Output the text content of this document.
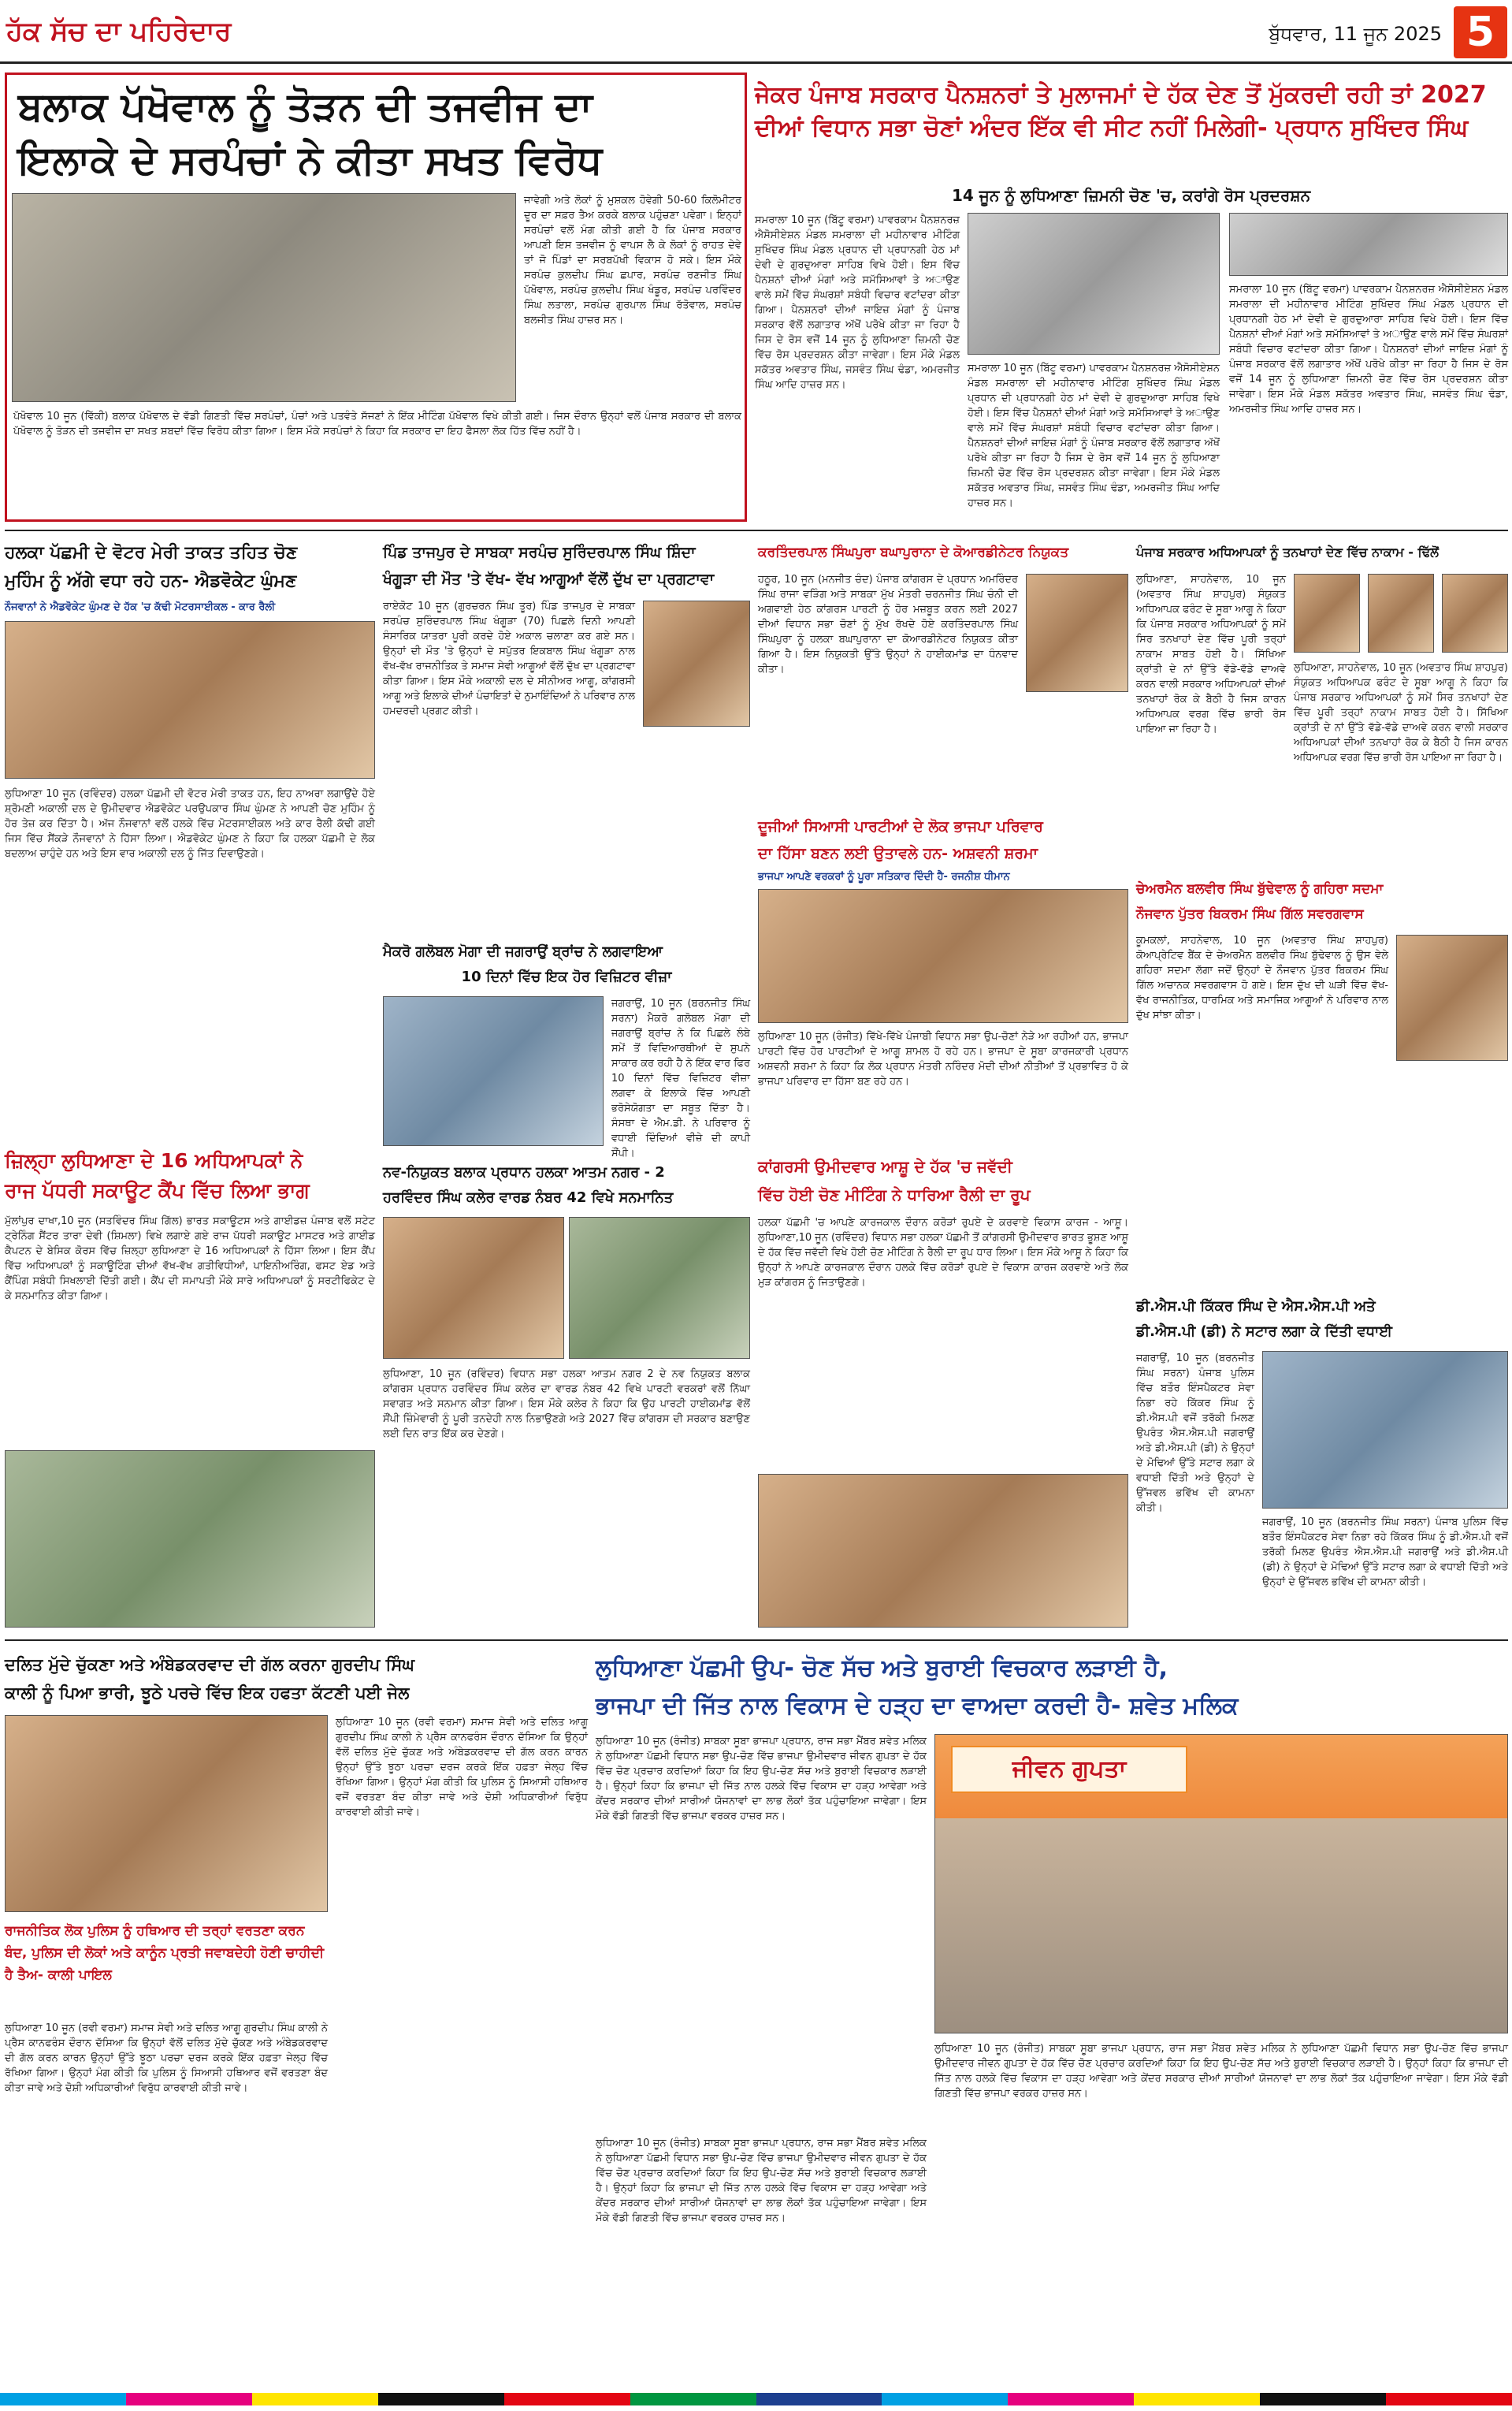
ਹੱਕ ਸੱਚ ਦਾ ਪਹਿਰੇਦਾਰ	ਬੁੱਧਵਾਰ, 11 ਜੂਨ 2025 5
ਬਲਾਕ ਪੱਖੋਵਾਲ ਨੂੰ ਤੋੜਨ ਦੀ ਤਜਵੀਜ ਦਾ
ਇਲਾਕੇ ਦੇ ਸਰਪੰਚਾਂ ਨੇ ਕੀਤਾ ਸਖਤ ਵਿਰੋਧ
ਜਾਵੇਗੀ ਅਤੇ ਲੋਕਾਂ ਨੂੰ ਮੁਸ਼ਕਲ ਹੋਵੇਗੀ 50-60 ਕਿਲੋਮੀਟਰ ਦੂਰ ਦਾ ਸਫ਼ਰ ਤੈਅ ਕਰਕੇ ਬਲਾਕ ਪਹੁੰਚਣਾ ਪਵੇਗਾ। ਇਨ੍ਹਾਂ ਸਰਪੰਚਾਂ ਵਲੋਂ ਮੰਗ ਕੀਤੀ ਗਈ ਹੈ ਕਿ ਪੰਜਾਬ ਸਰਕਾਰ ਆਪਣੀ ਇਸ ਤਜਵੀਜ ਨੂੰ ਵਾਪਸ ਲੈ ਕੇ ਲੋਕਾਂ ਨੂੰ ਰਾਹਤ ਦੇਵੇ ਤਾਂ ਜੋ ਪਿੰਡਾਂ ਦਾ ਸਰਬਪੱਖੀ ਵਿਕਾਸ ਹੋ ਸਕੇ। ਇਸ ਮੌਕੇ ਸਰਪੰਚ ਕੁਲਦੀਪ ਸਿੰਘ ਛਪਾਰ, ਸਰਪੰਚ ਰਣਜੀਤ ਸਿੰਘ ਪੱਖੋਵਾਲ, ਸਰਪੰਚ ਕੁਲਦੀਪ ਸਿੰਘ ਖੰਡੂਰ, ਸਰਪੰਚ ਪਰਵਿੰਦਰ ਸਿੰਘ ਲਤਾਲਾ, ਸਰਪੰਚ ਗੁਰਪਾਲ ਸਿੰਘ ਰੱਤੋਵਾਲ, ਸਰਪੰਚ ਬਲਜੀਤ ਸਿੰਘ ਹਾਜ਼ਰ ਸਨ।
ਪੱਖੋਵਾਲ 10 ਜੂਨ (ਵਿੱਕੀ) ਬਲਾਕ ਪੱਖੋਵਾਲ ਦੇ ਵੱਡੀ ਗਿਣਤੀ ਵਿੱਚ ਸਰਪੰਚਾਂ, ਪੰਚਾਂ ਅਤੇ ਪਤਵੰਤੇ ਸੱਜਣਾਂ ਨੇ ਇੱਕ ਮੀਟਿੰਗ ਪੱਖੋਵਾਲ ਵਿਖੇ ਕੀਤੀ ਗਈ। ਜਿਸ ਦੌਰਾਨ ਉਨ੍ਹਾਂ ਵਲੋਂ ਪੰਜਾਬ ਸਰਕਾਰ ਦੀ ਬਲਾਕ ਪੱਖੋਵਾਲ ਨੂੰ ਤੋੜਨ ਦੀ ਤਜਵੀਜ ਦਾ ਸਖਤ ਸ਼ਬਦਾਂ ਵਿੱਚ ਵਿਰੋਧ ਕੀਤਾ ਗਿਆ। ਇਸ ਮੌਕੇ ਸਰਪੰਚਾਂ ਨੇ ਕਿਹਾ ਕਿ ਸਰਕਾਰ ਦਾ ਇਹ ਫੈਸਲਾ ਲੋਕ ਹਿੱਤ ਵਿੱਚ ਨਹੀਂ ਹੈ।
ਜੇਕਰ ਪੰਜਾਬ ਸਰਕਾਰ ਪੈਨਸ਼ਨਰਾਂ ਤੇ ਮੁਲਾਜਮਾਂ ਦੇ ਹੱਕ ਦੇਣ ਤੋਂ ਮੁੱਕਰਦੀ ਰਹੀ ਤਾਂ 2027
ਦੀਆਂ ਵਿਧਾਨ ਸਭਾ ਚੋਣਾਂ ਅੰਦਰ ਇੱਕ ਵੀ ਸੀਟ ਨਹੀਂ ਮਿਲੇਗੀ- ਪ੍ਰਧਾਨ ਸੁਖਿੰਦਰ ਸਿੰਘ
14 ਜੂਨ ਨੂੰ ਲੁਧਿਆਣਾ ਜ਼ਿਮਨੀ ਚੋਣ 'ਚ, ਕਰਾਂਗੇ ਰੋਸ ਪ੍ਰਦਰਸ਼ਨ
ਸਮਰਾਲਾ 10 ਜੂਨ (ਬਿੱਟੂ ਵਰਮਾ) ਪਾਵਰਕਾਮ ਪੈਨਸ਼ਨਰਜ਼ ਐਸੋਸੀਏਸ਼ਨ ਮੰਡਲ ਸਮਰਾਲਾ ਦੀ ਮਹੀਨਾਵਾਰ ਮੀਟਿੰਗ ਸੁਖਿੰਦਰ ਸਿੰਘ ਮੰਡਲ ਪ੍ਰਧਾਨ ਦੀ ਪ੍ਰਧਾਨਗੀ ਹੇਠ ਮਾਂ ਦੇਵੀ ਦੇ ਗੁਰਦੁਆਰਾ ਸਾਹਿਬ ਵਿਖੇ ਹੋਈ। ਇਸ ਵਿੱਚ ਪੈਨਸ਼ਨਾਂ ਦੀਆਂ ਮੰਗਾਂ ਅਤੇ ਸਮੱਸਿਆਵਾਂ ਤੇ ਅਾਉਣ ਵਾਲੇ ਸਮੇਂ ਵਿੱਚ ਸੰਘਰਸ਼ਾਂ ਸਬੰਧੀ ਵਿਚਾਰ ਵਟਾਂਦਰਾ ਕੀਤਾ ਗਿਆ। ਪੈਨਸ਼ਨਰਾਂ ਦੀਆਂ ਜਾਇਜ਼ ਮੰਗਾਂ ਨੂੰ ਪੰਜਾਬ ਸਰਕਾਰ ਵੱਲੋਂ ਲਗਾਤਾਰ ਅੱਖੋਂ ਪਰੋਖੇ ਕੀਤਾ ਜਾ ਰਿਹਾ ਹੈ ਜਿਸ ਦੇ ਰੋਸ ਵਜੋਂ 14 ਜੂਨ ਨੂੰ ਲੁਧਿਆਣਾ ਜ਼ਿਮਨੀ ਚੋਣ ਵਿੱਚ ਰੋਸ ਪ੍ਰਦਰਸ਼ਨ ਕੀਤਾ ਜਾਵੇਗਾ। ਇਸ ਮੌਕੇ ਮੰਡਲ ਸਕੱਤਰ ਅਵਤਾਰ ਸਿੰਘ, ਜਸਵੰਤ ਸਿੰਘ ਢੰਡਾ, ਅਮਰਜੀਤ ਸਿੰਘ ਆਦਿ ਹਾਜ਼ਰ ਸਨ।
ਸਮਰਾਲਾ 10 ਜੂਨ (ਬਿੱਟੂ ਵਰਮਾ) ਪਾਵਰਕਾਮ ਪੈਨਸ਼ਨਰਜ਼ ਐਸੋਸੀਏਸ਼ਨ ਮੰਡਲ ਸਮਰਾਲਾ ਦੀ ਮਹੀਨਾਵਾਰ ਮੀਟਿੰਗ ਸੁਖਿੰਦਰ ਸਿੰਘ ਮੰਡਲ ਪ੍ਰਧਾਨ ਦੀ ਪ੍ਰਧਾਨਗੀ ਹੇਠ ਮਾਂ ਦੇਵੀ ਦੇ ਗੁਰਦੁਆਰਾ ਸਾਹਿਬ ਵਿਖੇ ਹੋਈ। ਇਸ ਵਿੱਚ ਪੈਨਸ਼ਨਾਂ ਦੀਆਂ ਮੰਗਾਂ ਅਤੇ ਸਮੱਸਿਆਵਾਂ ਤੇ ਅਾਉਣ ਵਾਲੇ ਸਮੇਂ ਵਿੱਚ ਸੰਘਰਸ਼ਾਂ ਸਬੰਧੀ ਵਿਚਾਰ ਵਟਾਂਦਰਾ ਕੀਤਾ ਗਿਆ। ਪੈਨਸ਼ਨਰਾਂ ਦੀਆਂ ਜਾਇਜ਼ ਮੰਗਾਂ ਨੂੰ ਪੰਜਾਬ ਸਰਕਾਰ ਵੱਲੋਂ ਲਗਾਤਾਰ ਅੱਖੋਂ ਪਰੋਖੇ ਕੀਤਾ ਜਾ ਰਿਹਾ ਹੈ ਜਿਸ ਦੇ ਰੋਸ ਵਜੋਂ 14 ਜੂਨ ਨੂੰ ਲੁਧਿਆਣਾ ਜ਼ਿਮਨੀ ਚੋਣ ਵਿੱਚ ਰੋਸ ਪ੍ਰਦਰਸ਼ਨ ਕੀਤਾ ਜਾਵੇਗਾ। ਇਸ ਮੌਕੇ ਮੰਡਲ ਸਕੱਤਰ ਅਵਤਾਰ ਸਿੰਘ, ਜਸਵੰਤ ਸਿੰਘ ਢੰਡਾ, ਅਮਰਜੀਤ ਸਿੰਘ ਆਦਿ ਹਾਜ਼ਰ ਸਨ।
ਸਮਰਾਲਾ 10 ਜੂਨ (ਬਿੱਟੂ ਵਰਮਾ) ਪਾਵਰਕਾਮ ਪੈਨਸ਼ਨਰਜ਼ ਐਸੋਸੀਏਸ਼ਨ ਮੰਡਲ ਸਮਰਾਲਾ ਦੀ ਮਹੀਨਾਵਾਰ ਮੀਟਿੰਗ ਸੁਖਿੰਦਰ ਸਿੰਘ ਮੰਡਲ ਪ੍ਰਧਾਨ ਦੀ ਪ੍ਰਧਾਨਗੀ ਹੇਠ ਮਾਂ ਦੇਵੀ ਦੇ ਗੁਰਦੁਆਰਾ ਸਾਹਿਬ ਵਿਖੇ ਹੋਈ। ਇਸ ਵਿੱਚ ਪੈਨਸ਼ਨਾਂ ਦੀਆਂ ਮੰਗਾਂ ਅਤੇ ਸਮੱਸਿਆਵਾਂ ਤੇ ਅਾਉਣ ਵਾਲੇ ਸਮੇਂ ਵਿੱਚ ਸੰਘਰਸ਼ਾਂ ਸਬੰਧੀ ਵਿਚਾਰ ਵਟਾਂਦਰਾ ਕੀਤਾ ਗਿਆ। ਪੈਨਸ਼ਨਰਾਂ ਦੀਆਂ ਜਾਇਜ਼ ਮੰਗਾਂ ਨੂੰ ਪੰਜਾਬ ਸਰਕਾਰ ਵੱਲੋਂ ਲਗਾਤਾਰ ਅੱਖੋਂ ਪਰੋਖੇ ਕੀਤਾ ਜਾ ਰਿਹਾ ਹੈ ਜਿਸ ਦੇ ਰੋਸ ਵਜੋਂ 14 ਜੂਨ ਨੂੰ ਲੁਧਿਆਣਾ ਜ਼ਿਮਨੀ ਚੋਣ ਵਿੱਚ ਰੋਸ ਪ੍ਰਦਰਸ਼ਨ ਕੀਤਾ ਜਾਵੇਗਾ। ਇਸ ਮੌਕੇ ਮੰਡਲ ਸਕੱਤਰ ਅਵਤਾਰ ਸਿੰਘ, ਜਸਵੰਤ ਸਿੰਘ ਢੰਡਾ, ਅਮਰਜੀਤ ਸਿੰਘ ਆਦਿ ਹਾਜ਼ਰ ਸਨ।
ਹਲਕਾ ਪੱਛਮੀ ਦੇ ਵੋਟਰ ਮੇਰੀ ਤਾਕਤ ਤਹਿਤ ਚੋਣ
ਮੁਹਿੰਮ ਨੂੰ ਅੱਗੇ ਵਧਾ ਰਹੇ ਹਨ- ਐਡਵੋਕੇਟ ਘੁੰਮਣ
ਨੌਜਵਾਨਾਂ ਨੇ ਐਡਵੋਕੇਟ ਘੁੰਮਣ ਦੇ ਹੱਕ 'ਚ ਕੱਢੀ ਮੋਟਰਸਾਈਕਲ - ਕਾਰ ਰੈਲੀ
ਲੁਧਿਆਣਾ 10 ਜੂਨ (ਰਵਿੰਦਰ) ਹਲਕਾ ਪੱਛਮੀ ਦੀ ਵੋਟਰ ਮੇਰੀ ਤਾਕਤ ਹਨ, ਇਹ ਨਾਅਰਾ ਲਗਾਉਂਦੇ ਹੋਏ ਸ਼੍ਰੋਮਣੀ ਅਕਾਲੀ ਦਲ ਦੇ ਉਮੀਦਵਾਰ ਐਡਵੋਕੇਟ ਪਰਉਪਕਾਰ ਸਿੰਘ ਘੁੰਮਣ ਨੇ ਆਪਣੀ ਚੋਣ ਮੁਹਿੰਮ ਨੂੰ ਹੋਰ ਤੇਜ਼ ਕਰ ਦਿੱਤਾ ਹੈ। ਅੱਜ ਨੌਜਵਾਨਾਂ ਵਲੋਂ ਹਲਕੇ ਵਿੱਚ ਮੋਟਰਸਾਈਕਲ ਅਤੇ ਕਾਰ ਰੈਲੀ ਕੱਢੀ ਗਈ ਜਿਸ ਵਿੱਚ ਸੈਂਕੜੇ ਨੌਜਵਾਨਾਂ ਨੇ ਹਿੱਸਾ ਲਿਆ। ਐਡਵੋਕੇਟ ਘੁੰਮਣ ਨੇ ਕਿਹਾ ਕਿ ਹਲਕਾ ਪੱਛਮੀ ਦੇ ਲੋਕ ਬਦਲਾਅ ਚਾਹੁੰਦੇ ਹਨ ਅਤੇ ਇਸ ਵਾਰ ਅਕਾਲੀ ਦਲ ਨੂੰ ਜਿੱਤ ਦਿਵਾਉਣਗੇ।
ਜ਼ਿਲ੍ਹਾ ਲੁਧਿਆਣਾ ਦੇ 16 ਅਧਿਆਪਕਾਂ ਨੇ
ਰਾਜ ਪੱਧਰੀ ਸਕਾਊਟ ਕੈਂਪ ਵਿੱਚ ਲਿਆ ਭਾਗ
ਮੁੱਲਾਂਪੁਰ ਦਾਖਾ,10 ਜੂਨ (ਸਤਵਿੰਦਰ ਸਿੰਘ ਗਿੱਲ) ਭਾਰਤ ਸਕਾਊਟਸ ਅਤੇ ਗਾਈਡਜ਼ ਪੰਜਾਬ ਵਲੋਂ ਸਟੇਟ ਟ੍ਰੇਨਿੰਗ ਸੈਂਟਰ ਤਾਰਾ ਦੇਵੀ (ਸ਼ਿਮਲਾ) ਵਿਖੇ ਲਗਾਏ ਗਏ ਰਾਜ ਪੱਧਰੀ ਸਕਾਊਟ ਮਾਸਟਰ ਅਤੇ ਗਾਈਡ ਕੈਪਟਨ ਦੇ ਬੇਸਿਕ ਕੋਰਸ ਵਿੱਚ ਜ਼ਿਲ੍ਹਾ ਲੁਧਿਆਣਾ ਦੇ 16 ਅਧਿਆਪਕਾਂ ਨੇ ਹਿੱਸਾ ਲਿਆ। ਇਸ ਕੈਂਪ ਵਿੱਚ ਅਧਿਆਪਕਾਂ ਨੂੰ ਸਕਾਊਟਿੰਗ ਦੀਆਂ ਵੱਖ-ਵੱਖ ਗਤੀਵਿਧੀਆਂ, ਪਾਇਨੀਅਰਿੰਗ, ਫਸਟ ਏਡ ਅਤੇ ਕੈਂਪਿੰਗ ਸਬੰਧੀ ਸਿਖਲਾਈ ਦਿੱਤੀ ਗਈ। ਕੈਂਪ ਦੀ ਸਮਾਪਤੀ ਮੌਕੇ ਸਾਰੇ ਅਧਿਆਪਕਾਂ ਨੂੰ ਸਰਟੀਫਿਕੇਟ ਦੇ ਕੇ ਸਨਮਾਨਿਤ ਕੀਤਾ ਗਿਆ।
ਪਿੰਡ ਤਾਜਪੁਰ ਦੇ ਸਾਬਕਾ ਸਰਪੰਚ ਸੁਰਿੰਦਰਪਾਲ ਸਿੰਘ ਸ਼ਿੰਦਾ
ਖੰਗੂੜਾ ਦੀ ਮੌਤ 'ਤੇ ਵੱਖ- ਵੱਖ ਆਗੂਆਂ ਵੱਲੋਂ ਦੁੱਖ ਦਾ ਪ੍ਰਗਟਾਵਾ
ਰਾਏਕੋਟ 10 ਜੂਨ (ਗੁਰਚਰਨ ਸਿੰਘ ਤੂਰ) ਪਿੰਡ ਤਾਜਪੁਰ ਦੇ ਸਾਬਕਾ ਸਰਪੰਚ ਸੁਰਿੰਦਰਪਾਲ ਸਿੰਘ ਖੰਗੂੜਾ (70) ਪਿਛਲੇ ਦਿਨੀ ਆਪਣੀ ਸੰਸਾਰਿਕ ਯਾਤਰਾ ਪੂਰੀ ਕਰਦੇ ਹੋਏ ਅਕਾਲ ਚਲਾਣਾ ਕਰ ਗਏ ਸਨ। ਉਨ੍ਹਾਂ ਦੀ ਮੌਤ 'ਤੇ ਉਨ੍ਹਾਂ ਦੇ ਸਪੁੱਤਰ ਇਕਬਾਲ ਸਿੰਘ ਖੰਗੂੜਾ ਨਾਲ ਵੱਖ-ਵੱਖ ਰਾਜਨੀਤਿਕ ਤੇ ਸਮਾਜ ਸੇਵੀ ਆਗੂਆਂ ਵੱਲੋਂ ਦੁੱਖ ਦਾ ਪ੍ਰਗਟਾਵਾ ਕੀਤਾ ਗਿਆ। ਇਸ ਮੌਕੇ ਅਕਾਲੀ ਦਲ ਦੇ ਸੀਨੀਅਰ ਆਗੂ, ਕਾਂਗਰਸੀ ਆਗੂ ਅਤੇ ਇਲਾਕੇ ਦੀਆਂ ਪੰਚਾਇਤਾਂ ਦੇ ਨੁਮਾਇੰਦਿਆਂ ਨੇ ਪਰਿਵਾਰ ਨਾਲ ਹਮਦਰਦੀ ਪ੍ਰਗਟ ਕੀਤੀ।
ਮੈਕਰੋ ਗਲੋਬਲ ਮੋਗਾ ਦੀ ਜਗਰਾਉਂ ਬ੍ਰਾਂਚ ਨੇ ਲਗਵਾਇਆ
10 ਦਿਨਾਂ ਵਿੱਚ ਇਕ ਹੋਰ ਵਿਜ਼ਿਟਰ ਵੀਜ਼ਾ
ਜਗਰਾਉਂ, 10 ਜੂਨ (ਬਰਨਜੀਤ ਸਿੰਘ ਸਰਨਾ) ਮੈਕਰੋ ਗਲੋਬਲ ਮੋਗਾ ਦੀ ਜਗਰਾਉਂ ਬ੍ਰਾਂਚ ਨੇ ਕਿ ਪਿਛਲੇ ਲੰਬੇ ਸਮੇਂ ਤੋਂ ਵਿਦਿਆਰਥੀਆਂ ਦੇ ਸੁਪਨੇ ਸਾਕਾਰ ਕਰ ਰਹੀ ਹੈ ਨੇ ਇੱਕ ਵਾਰ ਫਿਰ 10 ਦਿਨਾਂ ਵਿੱਚ ਵਿਜ਼ਿਟਰ ਵੀਜ਼ਾ ਲਗਵਾ ਕੇ ਇਲਾਕੇ ਵਿੱਚ ਆਪਣੀ ਭਰੋਸੇਯੋਗਤਾ ਦਾ ਸਬੂਤ ਦਿੱਤਾ ਹੈ। ਸੰਸਥਾ ਦੇ ਐਮ.ਡੀ. ਨੇ ਪਰਿਵਾਰ ਨੂੰ ਵਧਾਈ ਦਿੰਦਿਆਂ ਵੀਜ਼ੇ ਦੀ ਕਾਪੀ ਸੌਂਪੀ।
ਨਵ-ਨਿਯੁਕਤ ਬਲਾਕ ਪ੍ਰਧਾਨ ਹਲਕਾ ਆਤਮ ਨਗਰ - 2
ਹਰਵਿੰਦਰ ਸਿੰਘ ਕਲੇਰ ਵਾਰਡ ਨੰਬਰ 42 ਵਿਖੇ ਸਨਮਾਨਿਤ
ਲੁਧਿਆਣਾ, 10 ਜੂਨ (ਰਵਿੰਦਰ) ਵਿਧਾਨ ਸਭਾ ਹਲਕਾ ਆਤਮ ਨਗਰ 2 ਦੇ ਨਵ ਨਿਯੁਕਤ ਬਲਾਕ ਕਾਂਗਰਸ ਪ੍ਰਧਾਨ ਹਰਵਿੰਦਰ ਸਿੰਘ ਕਲੇਰ ਦਾ ਵਾਰਡ ਨੰਬਰ 42 ਵਿਖੇ ਪਾਰਟੀ ਵਰਕਰਾਂ ਵਲੋਂ ਨਿੱਘਾ ਸਵਾਗਤ ਅਤੇ ਸਨਮਾਨ ਕੀਤਾ ਗਿਆ। ਇਸ ਮੌਕੇ ਕਲੇਰ ਨੇ ਕਿਹਾ ਕਿ ਉਹ ਪਾਰਟੀ ਹਾਈਕਮਾਂਡ ਵੱਲੋਂ ਸੌਂਪੀ ਜ਼ਿੰਮੇਵਾਰੀ ਨੂੰ ਪੂਰੀ ਤਨਦੇਹੀ ਨਾਲ ਨਿਭਾਉਣਗੇ ਅਤੇ 2027 ਵਿੱਚ ਕਾਂਗਰਸ ਦੀ ਸਰਕਾਰ ਬਣਾਉਣ ਲਈ ਦਿਨ ਰਾਤ ਇੱਕ ਕਰ ਦੇਣਗੇ।
ਕਰਤਿੰਦਰਪਾਲ ਸਿੰਘਪੁਰਾ ਬਘਾਪੁਰਾਨਾ ਦੇ ਕੋਆਰਡੀਨੇਟਰ ਨਿਯੁਕਤ
ਹਠੂਰ, 10 ਜੂਨ (ਮਨਜੀਤ ਚੰਦ) ਪੰਜਾਬ ਕਾਂਗਰਸ ਦੇ ਪ੍ਰਧਾਨ ਅਮਰਿੰਦਰ ਸਿੰਘ ਰਾਜਾ ਵੜਿੰਗ ਅਤੇ ਸਾਬਕਾ ਮੁੱਖ ਮੰਤਰੀ ਚਰਨਜੀਤ ਸਿੰਘ ਚੰਨੀ ਦੀ ਅਗਵਾਈ ਹੇਠ ਕਾਂਗਰਸ ਪਾਰਟੀ ਨੂੰ ਹੋਰ ਮਜ਼ਬੂਤ ਕਰਨ ਲਈ 2027 ਦੀਆਂ ਵਿਧਾਨ ਸਭਾ ਚੋਣਾਂ ਨੂੰ ਮੁੱਖ ਰੱਖਦੇ ਹੋਏ ਕਰਤਿੰਦਰਪਾਲ ਸਿੰਘ ਸਿੰਘਪੁਰਾ ਨੂੰ ਹਲਕਾ ਬਘਾਪੁਰਾਨਾ ਦਾ ਕੋਆਰਡੀਨੇਟਰ ਨਿਯੁਕਤ ਕੀਤਾ ਗਿਆ ਹੈ। ਇਸ ਨਿਯੁਕਤੀ ਉੱਤੇ ਉਨ੍ਹਾਂ ਨੇ ਹਾਈਕਮਾਂਡ ਦਾ ਧੰਨਵਾਦ ਕੀਤਾ।
ਦੂਜੀਆਂ ਸਿਆਸੀ ਪਾਰਟੀਆਂ ਦੇ ਲੋਕ ਭਾਜਪਾ ਪਰਿਵਾਰ
ਦਾ ਹਿੱਸਾ ਬਣਨ ਲਈ ਉਤਾਵਲੇ ਹਨ- ਅਸ਼ਵਨੀ ਸ਼ਰਮਾ
ਭਾਜਪਾ ਆਪਣੇ ਵਰਕਰਾਂ ਨੂੰ ਪੂਰਾ ਸਤਿਕਾਰ ਦਿੰਦੀ ਹੈ- ਰਜਨੀਸ਼ ਧੀਮਾਨ
ਲੁਧਿਆਣਾ 10 ਜੂਨ (ਰੰਜੀਤ) ਵਿੱਖੇ-ਵਿੱਖੇ ਪੰਜਾਬੀ ਵਿਧਾਨ ਸਭਾ ਉਪ-ਚੋਣਾਂ ਨੇੜੇ ਆ ਰਹੀਆਂ ਹਨ, ਭਾਜਪਾ ਪਾਰਟੀ ਵਿੱਚ ਹੋਰ ਪਾਰਟੀਆਂ ਦੇ ਆਗੂ ਸ਼ਾਮਲ ਹੋ ਰਹੇ ਹਨ। ਭਾਜਪਾ ਦੇ ਸੂਬਾ ਕਾਰਜਕਾਰੀ ਪ੍ਰਧਾਨ ਅਸ਼ਵਨੀ ਸ਼ਰਮਾ ਨੇ ਕਿਹਾ ਕਿ ਲੋਕ ਪ੍ਰਧਾਨ ਮੰਤਰੀ ਨਰਿੰਦਰ ਮੋਦੀ ਦੀਆਂ ਨੀਤੀਆਂ ਤੋਂ ਪ੍ਰਭਾਵਿਤ ਹੋ ਕੇ ਭਾਜਪਾ ਪਰਿਵਾਰ ਦਾ ਹਿੱਸਾ ਬਣ ਰਹੇ ਹਨ।
ਕਾਂਗਰਸੀ ਉਮੀਦਵਾਰ ਆਸ਼ੂ ਦੇ ਹੱਕ 'ਚ ਜਵੱਦੀ
ਵਿੱਚ ਹੋਈ ਚੋਣ ਮੀਟਿੰਗ ਨੇ ਧਾਰਿਆ ਰੈਲੀ ਦਾ ਰੂਪ
ਹਲਕਾ ਪੱਛਮੀ 'ਚ ਆਪਣੇ ਕਾਰਜਕਾਲ ਦੌਰਾਨ ਕਰੋੜਾਂ ਰੁਪਏ ਦੇ ਕਰਵਾਏ ਵਿਕਾਸ ਕਾਰਜ - ਆਸ਼ੂ। ਲੁਧਿਆਣਾ,10 ਜੂਨ (ਰਵਿੰਦਰ) ਵਿਧਾਨ ਸਭਾ ਹਲਕਾ ਪੱਛਮੀ ਤੋਂ ਕਾਂਗਰਸੀ ਉਮੀਦਵਾਰ ਭਾਰਤ ਭੂਸ਼ਣ ਆਸ਼ੂ ਦੇ ਹੱਕ ਵਿੱਚ ਜਵੱਦੀ ਵਿਖੇ ਹੋਈ ਚੋਣ ਮੀਟਿੰਗ ਨੇ ਰੈਲੀ ਦਾ ਰੂਪ ਧਾਰ ਲਿਆ। ਇਸ ਮੌਕੇ ਆਸ਼ੂ ਨੇ ਕਿਹਾ ਕਿ ਉਨ੍ਹਾਂ ਨੇ ਆਪਣੇ ਕਾਰਜਕਾਲ ਦੌਰਾਨ ਹਲਕੇ ਵਿੱਚ ਕਰੋੜਾਂ ਰੁਪਏ ਦੇ ਵਿਕਾਸ ਕਾਰਜ ਕਰਵਾਏ ਅਤੇ ਲੋਕ ਮੁੜ ਕਾਂਗਰਸ ਨੂੰ ਜਿਤਾਉਣਗੇ।
ਪੰਜਾਬ ਸਰਕਾਰ ਅਧਿਆਪਕਾਂ ਨੂੰ ਤਨਖਾਹਾਂ ਦੇਣ ਵਿੱਚ ਨਾਕਾਮ - ਢਿੱਲੋਂ
ਲੁਧਿਆਣਾ, ਸਾਹਨੇਵਾਲ, 10 ਜੂਨ (ਅਵਤਾਰ ਸਿੰਘ ਸ਼ਾਹਪੁਰ) ਸੰਯੁਕਤ ਅਧਿਆਪਕ ਫਰੰਟ ਦੇ ਸੂਬਾ ਆਗੂ ਨੇ ਕਿਹਾ ਕਿ ਪੰਜਾਬ ਸਰਕਾਰ ਅਧਿਆਪਕਾਂ ਨੂੰ ਸਮੇਂ ਸਿਰ ਤਨਖਾਹਾਂ ਦੇਣ ਵਿੱਚ ਪੂਰੀ ਤਰ੍ਹਾਂ ਨਾਕਾਮ ਸਾਬਤ ਹੋਈ ਹੈ। ਸਿੱਖਿਆ ਕ੍ਰਾਂਤੀ ਦੇ ਨਾਂ ਉੱਤੇ ਵੱਡੇ-ਵੱਡੇ ਦਾਅਵੇ ਕਰਨ ਵਾਲੀ ਸਰਕਾਰ ਅਧਿਆਪਕਾਂ ਦੀਆਂ ਤਨਖਾਹਾਂ ਰੋਕ ਕੇ ਬੈਠੀ ਹੈ ਜਿਸ ਕਾਰਨ ਅਧਿਆਪਕ ਵਰਗ ਵਿੱਚ ਭਾਰੀ ਰੋਸ ਪਾਇਆ ਜਾ ਰਿਹਾ ਹੈ।
ਲੁਧਿਆਣਾ, ਸਾਹਨੇਵਾਲ, 10 ਜੂਨ (ਅਵਤਾਰ ਸਿੰਘ ਸ਼ਾਹਪੁਰ) ਸੰਯੁਕਤ ਅਧਿਆਪਕ ਫਰੰਟ ਦੇ ਸੂਬਾ ਆਗੂ ਨੇ ਕਿਹਾ ਕਿ ਪੰਜਾਬ ਸਰਕਾਰ ਅਧਿਆਪਕਾਂ ਨੂੰ ਸਮੇਂ ਸਿਰ ਤਨਖਾਹਾਂ ਦੇਣ ਵਿੱਚ ਪੂਰੀ ਤਰ੍ਹਾਂ ਨਾਕਾਮ ਸਾਬਤ ਹੋਈ ਹੈ। ਸਿੱਖਿਆ ਕ੍ਰਾਂਤੀ ਦੇ ਨਾਂ ਉੱਤੇ ਵੱਡੇ-ਵੱਡੇ ਦਾਅਵੇ ਕਰਨ ਵਾਲੀ ਸਰਕਾਰ ਅਧਿਆਪਕਾਂ ਦੀਆਂ ਤਨਖਾਹਾਂ ਰੋਕ ਕੇ ਬੈਠੀ ਹੈ ਜਿਸ ਕਾਰਨ ਅਧਿਆਪਕ ਵਰਗ ਵਿੱਚ ਭਾਰੀ ਰੋਸ ਪਾਇਆ ਜਾ ਰਿਹਾ ਹੈ।
ਚੇਅਰਮੈਨ ਬਲਵੀਰ ਸਿੰਘ ਬੁੱਢੇਵਾਲ ਨੂੰ ਗਹਿਰਾ ਸਦਮਾ
ਨੌਜਵਾਨ ਪੁੱਤਰ ਬਿਕਰਮ ਸਿੰਘ ਗਿੱਲ ਸਵਰਗਵਾਸ
ਕੂਮਕਲਾਂ, ਸਾਹਨੇਵਾਲ, 10 ਜੂਨ (ਅਵਤਾਰ ਸਿੰਘ ਸ਼ਾਹਪੁਰ) ਕੋਆਪ੍ਰੇਟਿਵ ਬੈਂਕ ਦੇ ਚੇਅਰਮੈਨ ਬਲਵੀਰ ਸਿੰਘ ਬੁੱਢੇਵਾਲ ਨੂੰ ਉਸ ਵੇਲੇ ਗਹਿਰਾ ਸਦਮਾ ਲੱਗਾ ਜਦੋਂ ਉਨ੍ਹਾਂ ਦੇ ਨੌਜਵਾਨ ਪੁੱਤਰ ਬਿਕਰਮ ਸਿੰਘ ਗਿੱਲ ਅਚਾਨਕ ਸਵਰਗਵਾਸ ਹੋ ਗਏ। ਇਸ ਦੁੱਖ ਦੀ ਘੜੀ ਵਿੱਚ ਵੱਖ-ਵੱਖ ਰਾਜਨੀਤਿਕ, ਧਾਰਮਿਕ ਅਤੇ ਸਮਾਜਿਕ ਆਗੂਆਂ ਨੇ ਪਰਿਵਾਰ ਨਾਲ ਦੁੱਖ ਸਾਂਝਾ ਕੀਤਾ।
ਡੀ.ਐਸ.ਪੀ ਕਿੱਕਰ ਸਿੰਘ ਦੇ ਐਸ.ਐਸ.ਪੀ ਅਤੇ
ਡੀ.ਐਸ.ਪੀ (ਡੀ) ਨੇ ਸਟਾਰ ਲਗਾ ਕੇ ਦਿੱਤੀ ਵਧਾਈ
ਜਗਰਾਉਂ, 10 ਜੂਨ (ਬਰਨਜੀਤ ਸਿੰਘ ਸਰਨਾ) ਪੰਜਾਬ ਪੁਲਿਸ ਵਿੱਚ ਬਤੌਰ ਇੰਸਪੈਕਟਰ ਸੇਵਾ ਨਿਭਾ ਰਹੇ ਕਿੱਕਰ ਸਿੰਘ ਨੂੰ ਡੀ.ਐਸ.ਪੀ ਵਜੋਂ ਤਰੱਕੀ ਮਿਲਣ ਉਪਰੰਤ ਐਸ.ਐਸ.ਪੀ ਜਗਰਾਉਂ ਅਤੇ ਡੀ.ਐਸ.ਪੀ (ਡੀ) ਨੇ ਉਨ੍ਹਾਂ ਦੇ ਮੋਢਿਆਂ ਉੱਤੇ ਸਟਾਰ ਲਗਾ ਕੇ ਵਧਾਈ ਦਿੱਤੀ ਅਤੇ ਉਨ੍ਹਾਂ ਦੇ ਉੱਜਵਲ ਭਵਿੱਖ ਦੀ ਕਾਮਨਾ ਕੀਤੀ।
ਜਗਰਾਉਂ, 10 ਜੂਨ (ਬਰਨਜੀਤ ਸਿੰਘ ਸਰਨਾ) ਪੰਜਾਬ ਪੁਲਿਸ ਵਿੱਚ ਬਤੌਰ ਇੰਸਪੈਕਟਰ ਸੇਵਾ ਨਿਭਾ ਰਹੇ ਕਿੱਕਰ ਸਿੰਘ ਨੂੰ ਡੀ.ਐਸ.ਪੀ ਵਜੋਂ ਤਰੱਕੀ ਮਿਲਣ ਉਪਰੰਤ ਐਸ.ਐਸ.ਪੀ ਜਗਰਾਉਂ ਅਤੇ ਡੀ.ਐਸ.ਪੀ (ਡੀ) ਨੇ ਉਨ੍ਹਾਂ ਦੇ ਮੋਢਿਆਂ ਉੱਤੇ ਸਟਾਰ ਲਗਾ ਕੇ ਵਧਾਈ ਦਿੱਤੀ ਅਤੇ ਉਨ੍ਹਾਂ ਦੇ ਉੱਜਵਲ ਭਵਿੱਖ ਦੀ ਕਾਮਨਾ ਕੀਤੀ।
ਦਲਿਤ ਮੁੱਦੇ ਚੁੱਕਣਾ ਅਤੇ ਅੰਬੇਡਕਰਵਾਦ ਦੀ ਗੱਲ ਕਰਨਾ ਗੁਰਦੀਪ ਸਿੰਘ
ਕਾਲੀ ਨੂੰ ਪਿਆ ਭਾਰੀ, ਝੂਠੇ ਪਰਚੇ ਵਿੱਚ ਇਕ ਹਫਤਾ ਕੱਟਣੀ ਪਈ ਜੇਲ
ਰਾਜਨੀਤਿਕ ਲੋਕ ਪੁਲਿਸ ਨੂੰ ਹਥਿਆਰ ਦੀ ਤਰ੍ਹਾਂ ਵਰਤਣਾ ਕਰਨ ਬੰਦ, ਪੁਲਿਸ ਦੀ ਲੋਕਾਂ ਅਤੇ ਕਾਨੂੰਨ ਪ੍ਰਤੀ ਜਵਾਬਦੇਹੀ ਹੋਣੀ ਚਾਹੀਦੀ ਹੈ ਤੈਅ- ਕਾਲੀ ਪਾਇਲ
ਲੁਧਿਆਣਾ 10 ਜੂਨ (ਰਵੀ ਵਰਮਾ) ਸਮਾਜ ਸੇਵੀ ਅਤੇ ਦਲਿਤ ਆਗੂ ਗੁਰਦੀਪ ਸਿੰਘ ਕਾਲੀ ਨੇ ਪ੍ਰੈਸ ਕਾਨਫਰੰਸ ਦੌਰਾਨ ਦੱਸਿਆ ਕਿ ਉਨ੍ਹਾਂ ਵੱਲੋਂ ਦਲਿਤ ਮੁੱਦੇ ਚੁੱਕਣ ਅਤੇ ਅੰਬੇਡਕਰਵਾਦ ਦੀ ਗੱਲ ਕਰਨ ਕਾਰਨ ਉਨ੍ਹਾਂ ਉੱਤੇ ਝੂਠਾ ਪਰਚਾ ਦਰਜ ਕਰਕੇ ਇੱਕ ਹਫ਼ਤਾ ਜੇਲ੍ਹ ਵਿੱਚ ਰੱਖਿਆ ਗਿਆ। ਉਨ੍ਹਾਂ ਮੰਗ ਕੀਤੀ ਕਿ ਪੁਲਿਸ ਨੂੰ ਸਿਆਸੀ ਹਥਿਆਰ ਵਜੋਂ ਵਰਤਣਾ ਬੰਦ ਕੀਤਾ ਜਾਵੇ ਅਤੇ ਦੋਸ਼ੀ ਅਧਿਕਾਰੀਆਂ ਵਿਰੁੱਧ ਕਾਰਵਾਈ ਕੀਤੀ ਜਾਵੇ।
ਲੁਧਿਆਣਾ 10 ਜੂਨ (ਰਵੀ ਵਰਮਾ) ਸਮਾਜ ਸੇਵੀ ਅਤੇ ਦਲਿਤ ਆਗੂ ਗੁਰਦੀਪ ਸਿੰਘ ਕਾਲੀ ਨੇ ਪ੍ਰੈਸ ਕਾਨਫਰੰਸ ਦੌਰਾਨ ਦੱਸਿਆ ਕਿ ਉਨ੍ਹਾਂ ਵੱਲੋਂ ਦਲਿਤ ਮੁੱਦੇ ਚੁੱਕਣ ਅਤੇ ਅੰਬੇਡਕਰਵਾਦ ਦੀ ਗੱਲ ਕਰਨ ਕਾਰਨ ਉਨ੍ਹਾਂ ਉੱਤੇ ਝੂਠਾ ਪਰਚਾ ਦਰਜ ਕਰਕੇ ਇੱਕ ਹਫ਼ਤਾ ਜੇਲ੍ਹ ਵਿੱਚ ਰੱਖਿਆ ਗਿਆ। ਉਨ੍ਹਾਂ ਮੰਗ ਕੀਤੀ ਕਿ ਪੁਲਿਸ ਨੂੰ ਸਿਆਸੀ ਹਥਿਆਰ ਵਜੋਂ ਵਰਤਣਾ ਬੰਦ ਕੀਤਾ ਜਾਵੇ ਅਤੇ ਦੋਸ਼ੀ ਅਧਿਕਾਰੀਆਂ ਵਿਰੁੱਧ ਕਾਰਵਾਈ ਕੀਤੀ ਜਾਵੇ।
ਲੁਧਿਆਣਾ ਪੱਛਮੀ ਉਪ- ਚੋਣ ਸੱਚ ਅਤੇ ਬੁਰਾਈ ਵਿਚਕਾਰ ਲੜਾਈ ਹੈ,
ਭਾਜਪਾ ਦੀ ਜਿੱਤ ਨਾਲ ਵਿਕਾਸ ਦੇ ਹੜ੍ਹ ਦਾ ਵਾਅਦਾ ਕਰਦੀ ਹੈ- ਸ਼ਵੇਤ ਮਲਿਕ
ਲੁਧਿਆਣਾ 10 ਜੂਨ (ਰੰਜੀਤ) ਸਾਬਕਾ ਸੂਬਾ ਭਾਜਪਾ ਪ੍ਰਧਾਨ, ਰਾਜ ਸਭਾ ਮੈਂਬਰ ਸ਼ਵੇਤ ਮਲਿਕ ਨੇ ਲੁਧਿਆਣਾ ਪੱਛਮੀ ਵਿਧਾਨ ਸਭਾ ਉਪ-ਚੋਣ ਵਿੱਚ ਭਾਜਪਾ ਉਮੀਦਵਾਰ ਜੀਵਨ ਗੁਪਤਾ ਦੇ ਹੱਕ ਵਿੱਚ ਚੋਣ ਪ੍ਰਚਾਰ ਕਰਦਿਆਂ ਕਿਹਾ ਕਿ ਇਹ ਉਪ-ਚੋਣ ਸੱਚ ਅਤੇ ਬੁਰਾਈ ਵਿਚਕਾਰ ਲੜਾਈ ਹੈ। ਉਨ੍ਹਾਂ ਕਿਹਾ ਕਿ ਭਾਜਪਾ ਦੀ ਜਿੱਤ ਨਾਲ ਹਲਕੇ ਵਿੱਚ ਵਿਕਾਸ ਦਾ ਹੜ੍ਹ ਆਵੇਗਾ ਅਤੇ ਕੇਂਦਰ ਸਰਕਾਰ ਦੀਆਂ ਸਾਰੀਆਂ ਯੋਜਨਾਵਾਂ ਦਾ ਲਾਭ ਲੋਕਾਂ ਤੱਕ ਪਹੁੰਚਾਇਆ ਜਾਵੇਗਾ। ਇਸ ਮੌਕੇ ਵੱਡੀ ਗਿਣਤੀ ਵਿੱਚ ਭਾਜਪਾ ਵਰਕਰ ਹਾਜ਼ਰ ਸਨ।
ਜੀਵਨ ਗੁਪਤਾ
ਲੁਧਿਆਣਾ 10 ਜੂਨ (ਰੰਜੀਤ) ਸਾਬਕਾ ਸੂਬਾ ਭਾਜਪਾ ਪ੍ਰਧਾਨ, ਰਾਜ ਸਭਾ ਮੈਂਬਰ ਸ਼ਵੇਤ ਮਲਿਕ ਨੇ ਲੁਧਿਆਣਾ ਪੱਛਮੀ ਵਿਧਾਨ ਸਭਾ ਉਪ-ਚੋਣ ਵਿੱਚ ਭਾਜਪਾ ਉਮੀਦਵਾਰ ਜੀਵਨ ਗੁਪਤਾ ਦੇ ਹੱਕ ਵਿੱਚ ਚੋਣ ਪ੍ਰਚਾਰ ਕਰਦਿਆਂ ਕਿਹਾ ਕਿ ਇਹ ਉਪ-ਚੋਣ ਸੱਚ ਅਤੇ ਬੁਰਾਈ ਵਿਚਕਾਰ ਲੜਾਈ ਹੈ। ਉਨ੍ਹਾਂ ਕਿਹਾ ਕਿ ਭਾਜਪਾ ਦੀ ਜਿੱਤ ਨਾਲ ਹਲਕੇ ਵਿੱਚ ਵਿਕਾਸ ਦਾ ਹੜ੍ਹ ਆਵੇਗਾ ਅਤੇ ਕੇਂਦਰ ਸਰਕਾਰ ਦੀਆਂ ਸਾਰੀਆਂ ਯੋਜਨਾਵਾਂ ਦਾ ਲਾਭ ਲੋਕਾਂ ਤੱਕ ਪਹੁੰਚਾਇਆ ਜਾਵੇਗਾ। ਇਸ ਮੌਕੇ ਵੱਡੀ ਗਿਣਤੀ ਵਿੱਚ ਭਾਜਪਾ ਵਰਕਰ ਹਾਜ਼ਰ ਸਨ।
ਲੁਧਿਆਣਾ 10 ਜੂਨ (ਰੰਜੀਤ) ਸਾਬਕਾ ਸੂਬਾ ਭਾਜਪਾ ਪ੍ਰਧਾਨ, ਰਾਜ ਸਭਾ ਮੈਂਬਰ ਸ਼ਵੇਤ ਮਲਿਕ ਨੇ ਲੁਧਿਆਣਾ ਪੱਛਮੀ ਵਿਧਾਨ ਸਭਾ ਉਪ-ਚੋਣ ਵਿੱਚ ਭਾਜਪਾ ਉਮੀਦਵਾਰ ਜੀਵਨ ਗੁਪਤਾ ਦੇ ਹੱਕ ਵਿੱਚ ਚੋਣ ਪ੍ਰਚਾਰ ਕਰਦਿਆਂ ਕਿਹਾ ਕਿ ਇਹ ਉਪ-ਚੋਣ ਸੱਚ ਅਤੇ ਬੁਰਾਈ ਵਿਚਕਾਰ ਲੜਾਈ ਹੈ। ਉਨ੍ਹਾਂ ਕਿਹਾ ਕਿ ਭਾਜਪਾ ਦੀ ਜਿੱਤ ਨਾਲ ਹਲਕੇ ਵਿੱਚ ਵਿਕਾਸ ਦਾ ਹੜ੍ਹ ਆਵੇਗਾ ਅਤੇ ਕੇਂਦਰ ਸਰਕਾਰ ਦੀਆਂ ਸਾਰੀਆਂ ਯੋਜਨਾਵਾਂ ਦਾ ਲਾਭ ਲੋਕਾਂ ਤੱਕ ਪਹੁੰਚਾਇਆ ਜਾਵੇਗਾ। ਇਸ ਮੌਕੇ ਵੱਡੀ ਗਿਣਤੀ ਵਿੱਚ ਭਾਜਪਾ ਵਰਕਰ ਹਾਜ਼ਰ ਸਨ।
